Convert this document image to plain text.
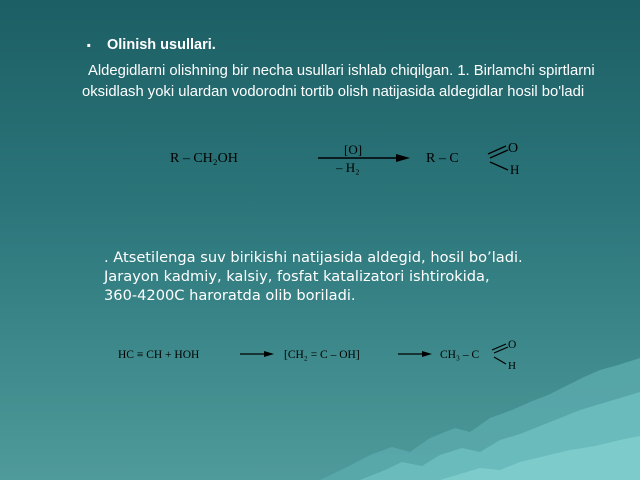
. Olinish usullari.
Aldegidlarni olishning bir necha usullari ishlab chiqilgan. 1. Birlamchi spirtlarni oksidlash yoki ulardan vodorodni tortib olish natijasida aldegidlar hosil bo'ladi
R – CH₂OH
[O]
– H₂
R – C
O
H
. Atsetilenga suv birikishi natijasida aldegid, hosil bo’ladi. Jarayon kadmiy, kalsiy, fosfat katalizatori ishtirokida, 360-4200C haroratda olib boriladi.
HC ≡ CH + HOH	[CH₂ = C – OH]	CH₃ – C
O
H
